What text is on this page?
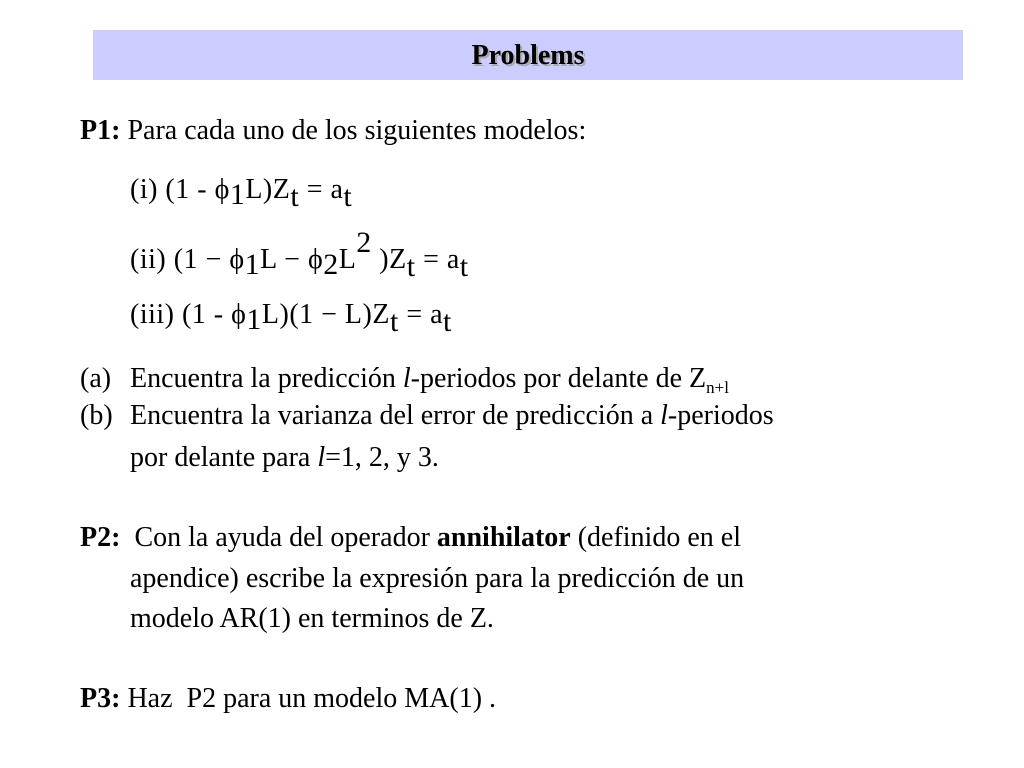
Problems
P1: Para cada uno de los siguientes modelos:
(i) (1 - ϕ1L)Zt = at
(ii) (1 − ϕ1L − ϕ2L2 )Zt = at
(iii) (1 - ϕ1L)(1 − L)Zt = at
(a) Encuentra la predicción l-periodos por delante de $Z_{n+l}$
(b) Encuentra la varianza del error de predicción a l-periodos
por delante para l=1, 2, y 3.
P2:  Con la ayuda del operador annihilator (definido en el
apendice) escribe la expresión para la predicción de un
modelo AR(1) en terminos de Z.
P3: Haz  P2 para un modelo MA(1) .
